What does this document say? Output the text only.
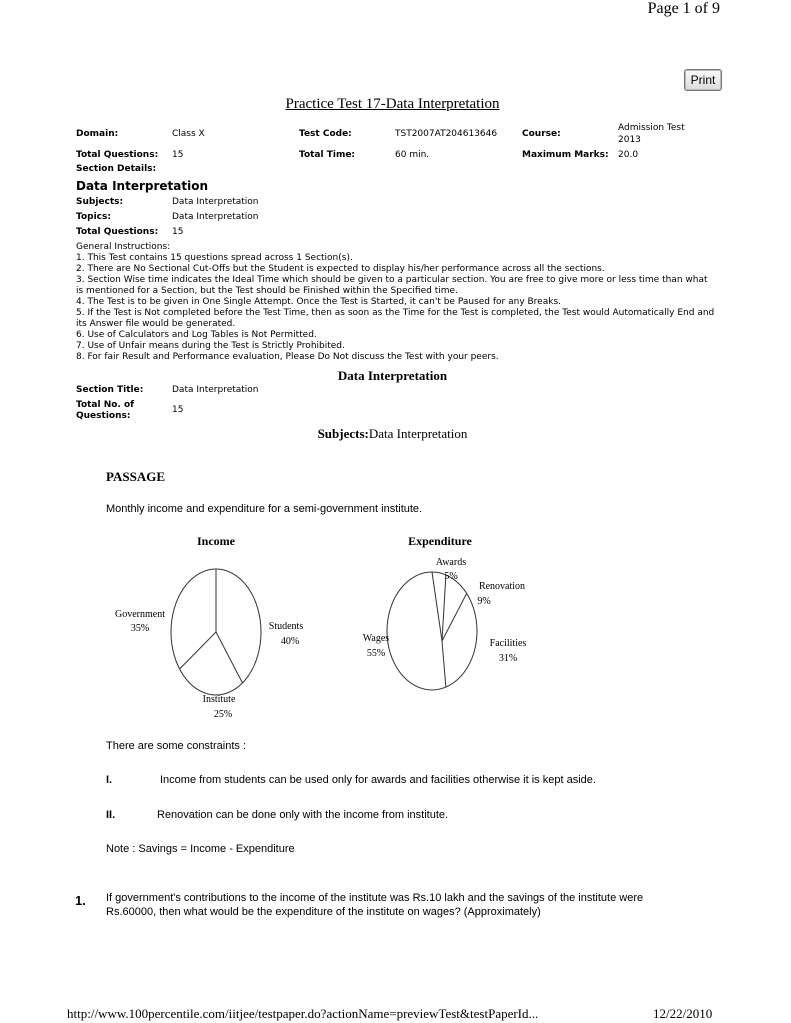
Page 1 of 9
Print
Practice Test 17-Data Interpretation
Domain:	Class X	Test Code:	TST2007AT204613646	Course:
Admission Test
2013
Total Questions: 15	Total Time:	60 min.	Maximum Marks: 20.0
Section Details:
Data Interpretation
Subjects:	Data Interpretation
Topics:	Data Interpretation
Total Questions: 15
General Instructions:
1. This Test contains 15 questions spread across 1 Section(s).
2. There are No Sectional Cut-Offs but the Student is expected to display his/her performance across all the sections.
3. Section Wise time indicates the Ideal Time which should be given to a particular section. You are free to give more or less time than what is mentioned for a Section, but the Test should be Finished within the Specified time.
4. The Test is to be given in One Single Attempt. Once the Test is Started, it can't be Paused for any Breaks.
5. If the Test is Not completed before the Test Time, then as soon as the Time for the Test is completed, the Test would Automatically End and its Answer file would be generated.
6. Use of Calculators and Log Tables is Not Permitted.
7. Use of Unfair means during the Test is Strictly Prohibited.
8. For fair Result and Performance evaluation, Please Do Not discuss the Test with your peers.
Data Interpretation
Section Title:	Data Interpretation
Total No. of
Questions:
15
Subjects:Data Interpretation
PASSAGE
Monthly income and expenditure for a semi-government institute.
Income	Expenditure
Government
35%	Students
40%
Institute
25%
Awards
5%
Renovation
9%
Facilities
31%
Wages
55%
There are some constraints :
I.	Income from students can be used only for awards and facilities otherwise it is kept aside.
II.	Renovation can be done only with the income from institute.
Note : Savings = Income - Expenditure
1. If government's contributions to the income of the institute was Rs.10 lakh and the savings of the institute were
Rs.60000, then what would be the expenditure of the institute on wages? (Approximately)
http://www.100percentile.com/iitjee/testpaper.do?actionName=previewTest&testPaperId...	12/22/2010
